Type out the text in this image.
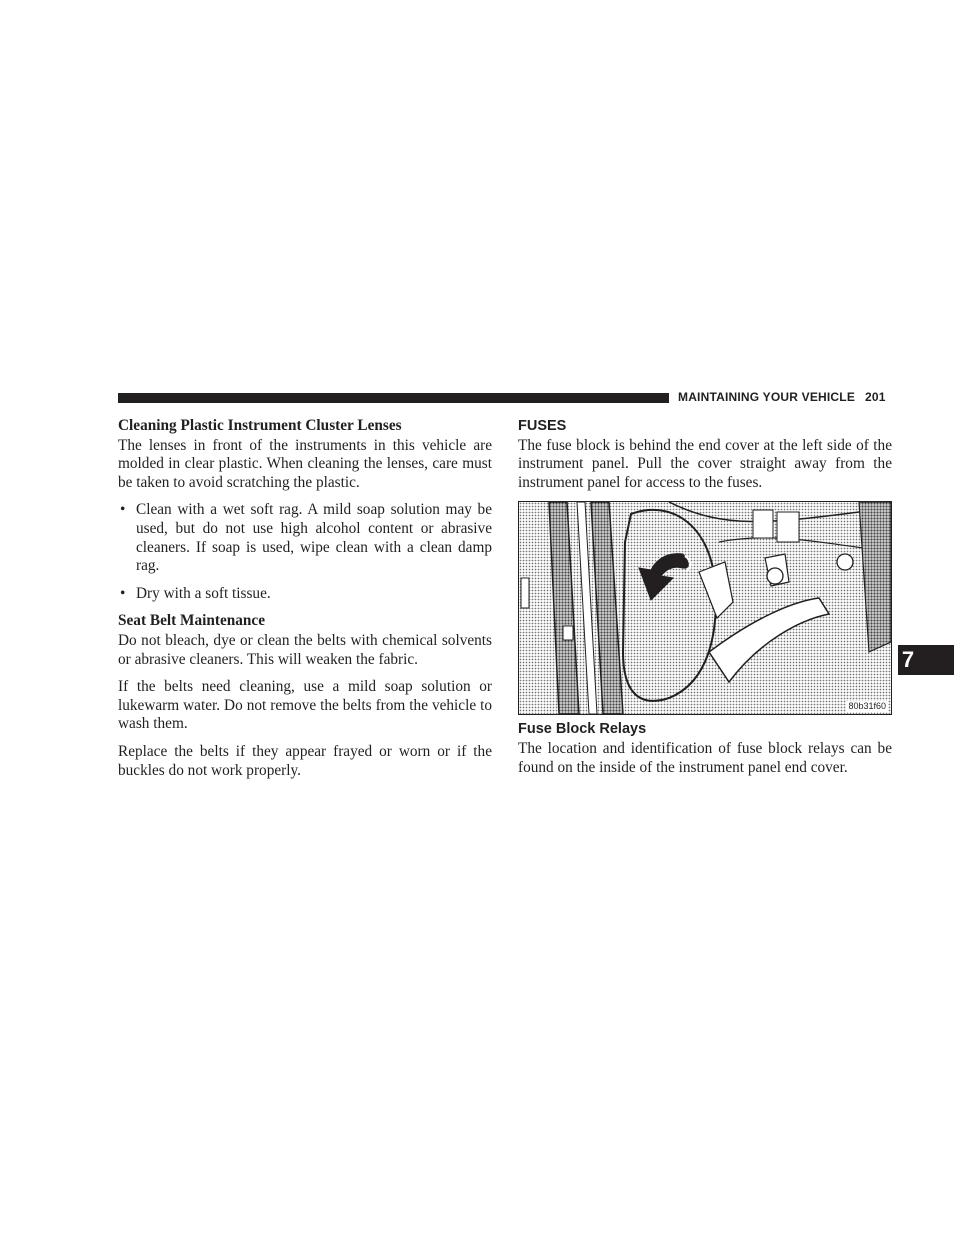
MAINTAINING YOUR VEHICLE 201
Cleaning Plastic Instrument Cluster Lenses

The lenses in front of the instruments in this vehicle are molded in clear plastic. When cleaning the lenses, care must be taken to avoid scratching the plastic.

• Clean with a wet soft rag. A mild soap solution may be used, but do not use high alcohol content or abrasive cleaners. If soap is used, wipe clean with a clean damp rag.
• Dry with a soft tissue.
Seat Belt Maintenance

Do not bleach, dye or clean the belts with chemical solvents or abrasive cleaners. This will weaken the fabric.

If the belts need cleaning, use a mild soap solution or lukewarm water. Do not remove the belts from the vehicle to wash them.

Replace the belts if they appear frayed or worn or if the buckles do not work properly.

FUSES

The fuse block is behind the end cover at the left side of the instrument panel. Pull the cover straight away from the instrument panel for access to the fuses.

80b31f60
Fuse Block Relays

The location and identification of fuse block relays can be found on the inside of the instrument panel end cover.

7
